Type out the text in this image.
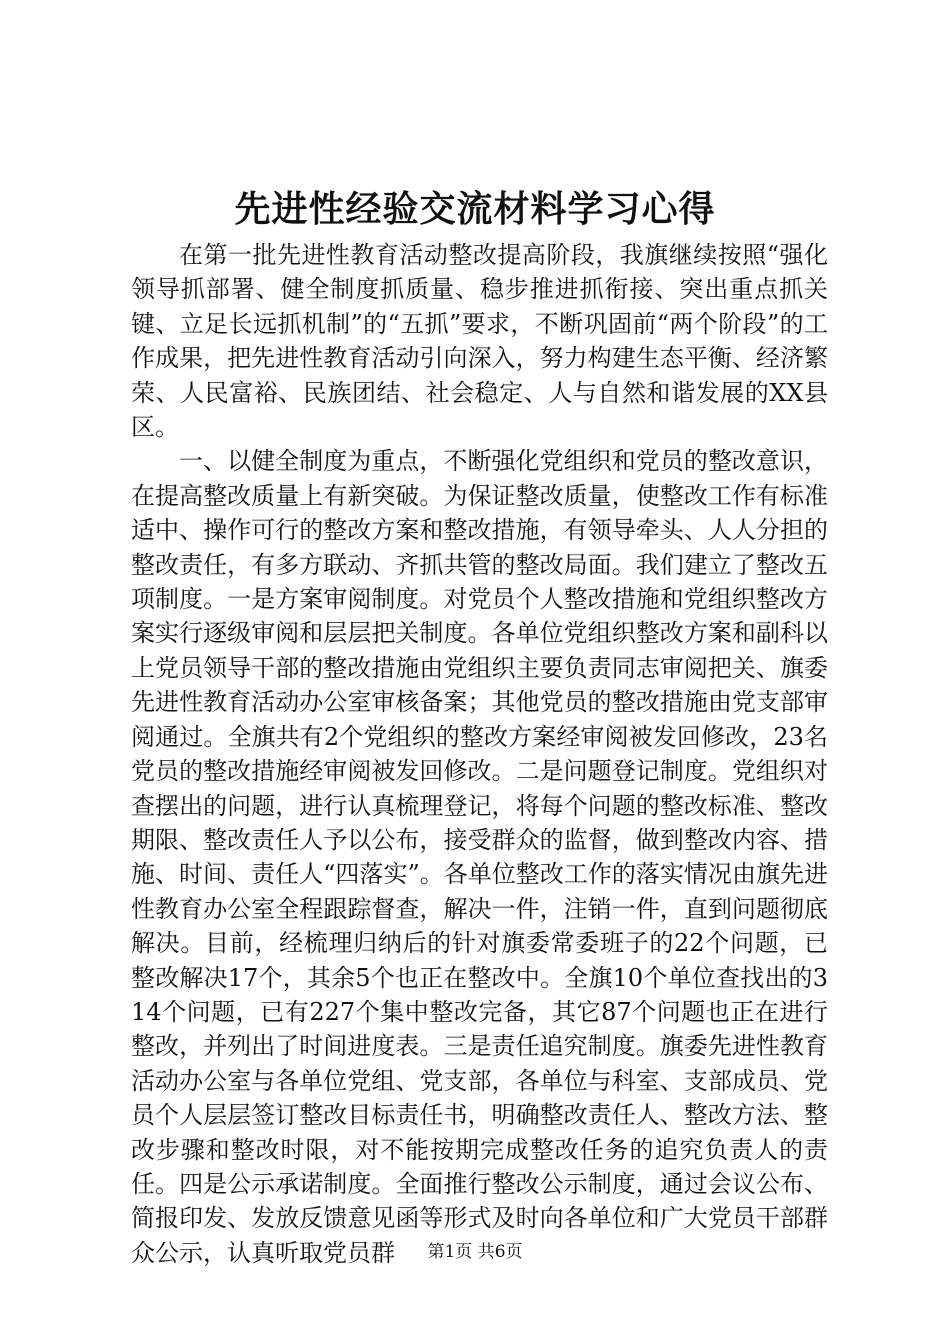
先进性经验交流材料学习心得

在第一批先进性教育活动整改提高阶段，我旗继续按照“强化领导抓部署、健全制度抓质量、稳步推进抓衔接、突出重点抓关键、立足长远抓机制”的“五抓”要求，不断巩固前“两个阶段”的工作成果，把先进性教育活动引向深入，努力构建生态平衡、经济繁荣、人民富裕、民族团结、社会稳定、人与自然和谐发展的XX县区。

一、以健全制度为重点，不断强化党组织和党员的整改意识，在提高整改质量上有新突破。为保证整改质量，使整改工作有标准适中、操作可行的整改方案和整改措施，有领导牵头、人人分担的整改责任，有多方联动、齐抓共管的整改局面。我们建立了整改五项制度。一是方案审阅制度。对党员个人整改措施和党组织整改方案实行逐级审阅和层层把关制度。各单位党组织整改方案和副科以上党员领导干部的整改措施由党组织主要负责同志审阅把关、旗委先进性教育活动办公室审核备案；其他党员的整改措施由党支部审阅通过。全旗共有2个党组织的整改方案经审阅被发回修改，23名党员的整改措施经审阅被发回修改。二是问题登记制度。党组织对查摆出的问题，进行认真梳理登记，将每个问题的整改标准、整改期限、整改责任人予以公布，接受群众的监督，做到整改内容、措施、时间、责任人“四落实”。各单位整改工作的落实情况由旗先进性教育办公室全程跟踪督查，解决一件，注销一件，直到问题彻底解决。目前，经梳理归纳后的针对旗委常委班子的22个问题，已整改解决17个，其余5个也正在整改中。全旗10个单位查找出的314个问题，已有227个集中整改完备，其它87个问题也正在进行整改，并列出了时间进度表。三是责任追究制度。旗委先进性教育活动办公室与各单位党组、党支部，各单位与科室、支部成员、党员个人层层签订整改目标责任书，明确整改责任人、整改方法、整改步骤和整改时限，对不能按期完成整改任务的追究负责人的责任。四是公示承诺制度。全面推行整改公示制度，通过会议公布、简报印发、发放反馈意见函等形式及时向各单位和广大党员干部群众公示，认真听取党员群	第1页 共6页
